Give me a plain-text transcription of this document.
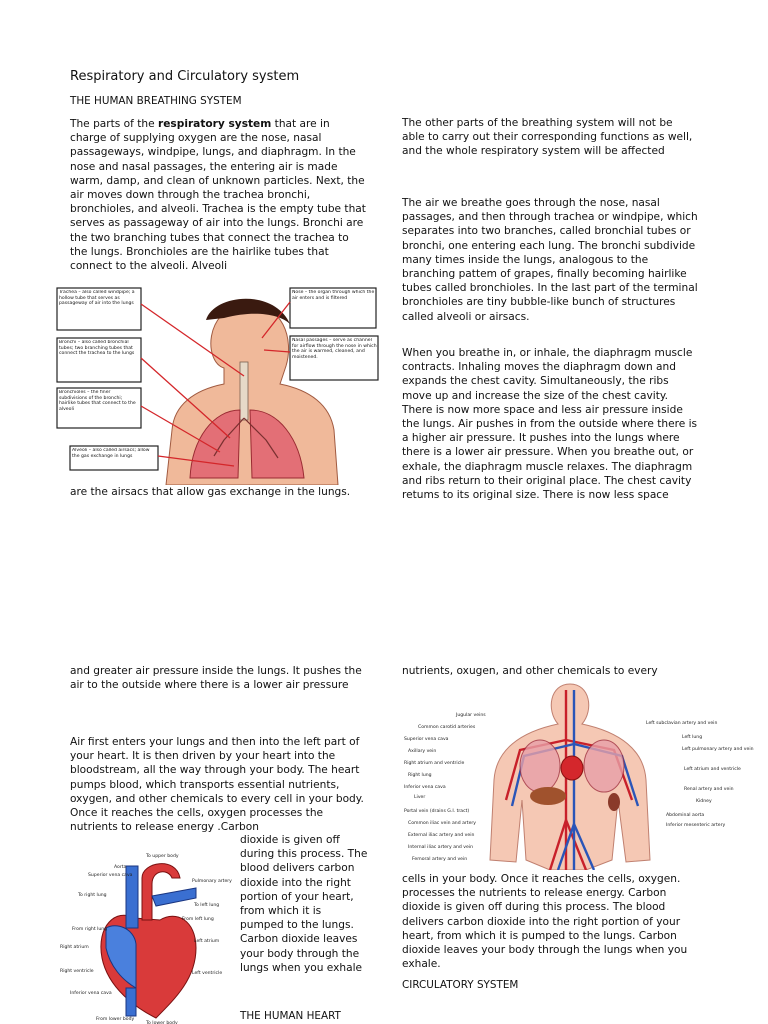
Respiratory and Circulatory system
THE HUMAN BREATHING SYSTEM
The parts of the respiratory system that are in charge of supplying oxygen are the nose, nasal passageways, windpipe, lungs, and diaphragm. In the nose and nasal passages, the entering air is made warm, damp, and clean of unknown particles. Next, the air moves down through the trachea bronchi, bronchioles, and alveoli. Trachea is the empty tube that serves as passageway of air into the lungs. Bronchi are the two branching tubes that connect the trachea to the lungs. Bronchioles are the hairlike tubes that connect to the alveoli. Alveoli
Trachea – also called windpipe; a hollow tube that serves as passageway of air into the lungs
Bronchi – also called bronchial tubes; two branching tubes that connect the trachea to the lungs
Bronchioles – the finer subdivisions of the bronchi; hairlike tubes that connect to the alveoli
Alveoli – also called airsacs; allow the gas exchange in lungs
Nose – the organ through which the air enters and is filtered
Nasal passages – serve as channel for airflow through the nose in which the air is warmed, cleaned, and moistened.
are the airsacs that allow gas exchange in the lungs.
The other parts of the breathing system will not be able to carry out their corresponding functions as well, and the whole respiratory system will be affected
The air we breathe goes through the nose, nasal passages, and then through trachea or windpipe, which separates into two branches, called bronchial tubes or bronchi, one entering each lung. The bronchi subdivide many times inside the lungs, analogous to the branching pattem of grapes, finally becoming hairlike tubes called bronchioles. In the last part of the terminal bronchioles are tiny bubble-like bunch of structures called alveoli or airsacs.
When you breathe in, or inhale, the diaphragm muscle contracts. Inhaling moves the diaphragm down and expands the chest cavity. Simultaneously, the ribs move up and increase the size of the chest cavity. There is now more space and less air pressure inside the lungs. Air pushes in from the outside where there is a higher air pressure. It pushes into the lungs where there is a lower air pressure. When you breathe out, or exhale, the diaphragm muscle relaxes. The diaphragm and ribs return to their original place. The chest cavity retums to its original size. There is now less space
and greater air pressure inside the lungs. It pushes the air to the outside where there is a lower air pressure
Air first enters your lungs and then into the left part of your heart. It is then driven by your heart into the bloodstream, all the way through your body. The heart pumps blood, which transports essential nutrients, oxygen, and other chemicals to every cell in your body. Once it reaches the cells, oxygen processes the nutrients to release energy .Carbon
dioxide is given off during this process. The blood delivers carbon dioxide into the right portion of your heart, from which it is pumped to the lungs. Carbon dioxide leaves your body through the lungs when you exhale
THE HUMAN HEART
Aorta
To upper body
Superior vena cava
To right lung
From right lung
Right atrium
Right ventricle
Inferior vena cava
From lower body
To lower body
Pulmonary artery
To left lung
From left lung
Left atrium
Left ventricle
nutrients, oxugen, and other chemicals to every
Jugular veins
Common carotid arteries
Superior vena cava
Axillary vein
Right atrium and ventricle
Right lung
Inferior vena cava
Liver
Portal vein (drains G.I. tract)
Common iliac vein and artery
External iliac artery and vein
Internal iliac artery and vein
Femoral artery and vein
Left subclavian artery and vein
Left lung
Left pulmonary artery and vein
Left atrium and ventricle
Renal artery and vein
Kidney
Abdominal aorta
Inferior mesenteric artery
cells in your body. Once it reaches the cells, oxygen. processes the nutrients to release energy. Carbon dioxide is given off during this process. The blood delivers carbon dioxide into the right portion of your heart, from which it is pumped to the lungs. Carbon dioxide leaves your body through the lungs when you exhale.
CIRCULATORY SYSTEM
